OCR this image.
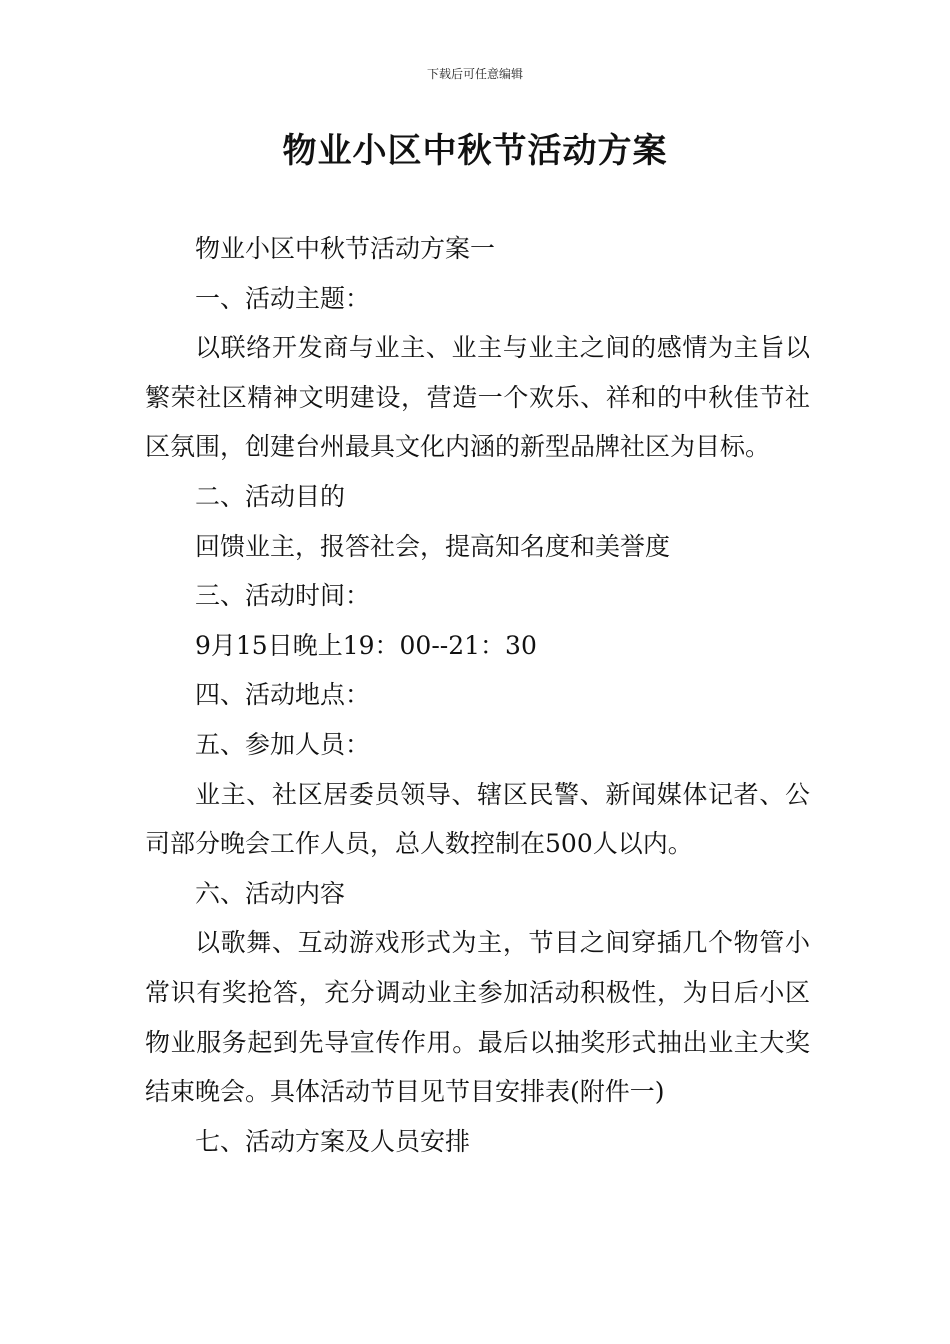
下载后可任意编辑
物业小区中秋节活动方案

物业小区中秋节活动方案一

一、活动主题：

以联络开发商与业主、业主与业主之间的感情为主旨以繁荣社区精神文明建设，营造一个欢乐、祥和的中秋佳节社区氛围，创建台州最具文化内涵的新型品牌社区为目标。

二、活动目的

回馈业主，报答社会，提高知名度和美誉度

三、活动时间：

9月15日晚上19：00--21：30

四、活动地点：

五、参加人员：

业主、社区居委员领导、辖区民警、新闻媒体记者、公司部分晚会工作人员，总人数控制在500人以内。

六、活动内容

以歌舞、互动游戏形式为主，节目之间穿插几个物管小常识有奖抢答，充分调动业主参加活动积极性，为日后小区物业服务起到先导宣传作用。最后以抽奖形式抽出业主大奖结束晚会。具体活动节目见节目安排表(附件一)

七、活动方案及人员安排
